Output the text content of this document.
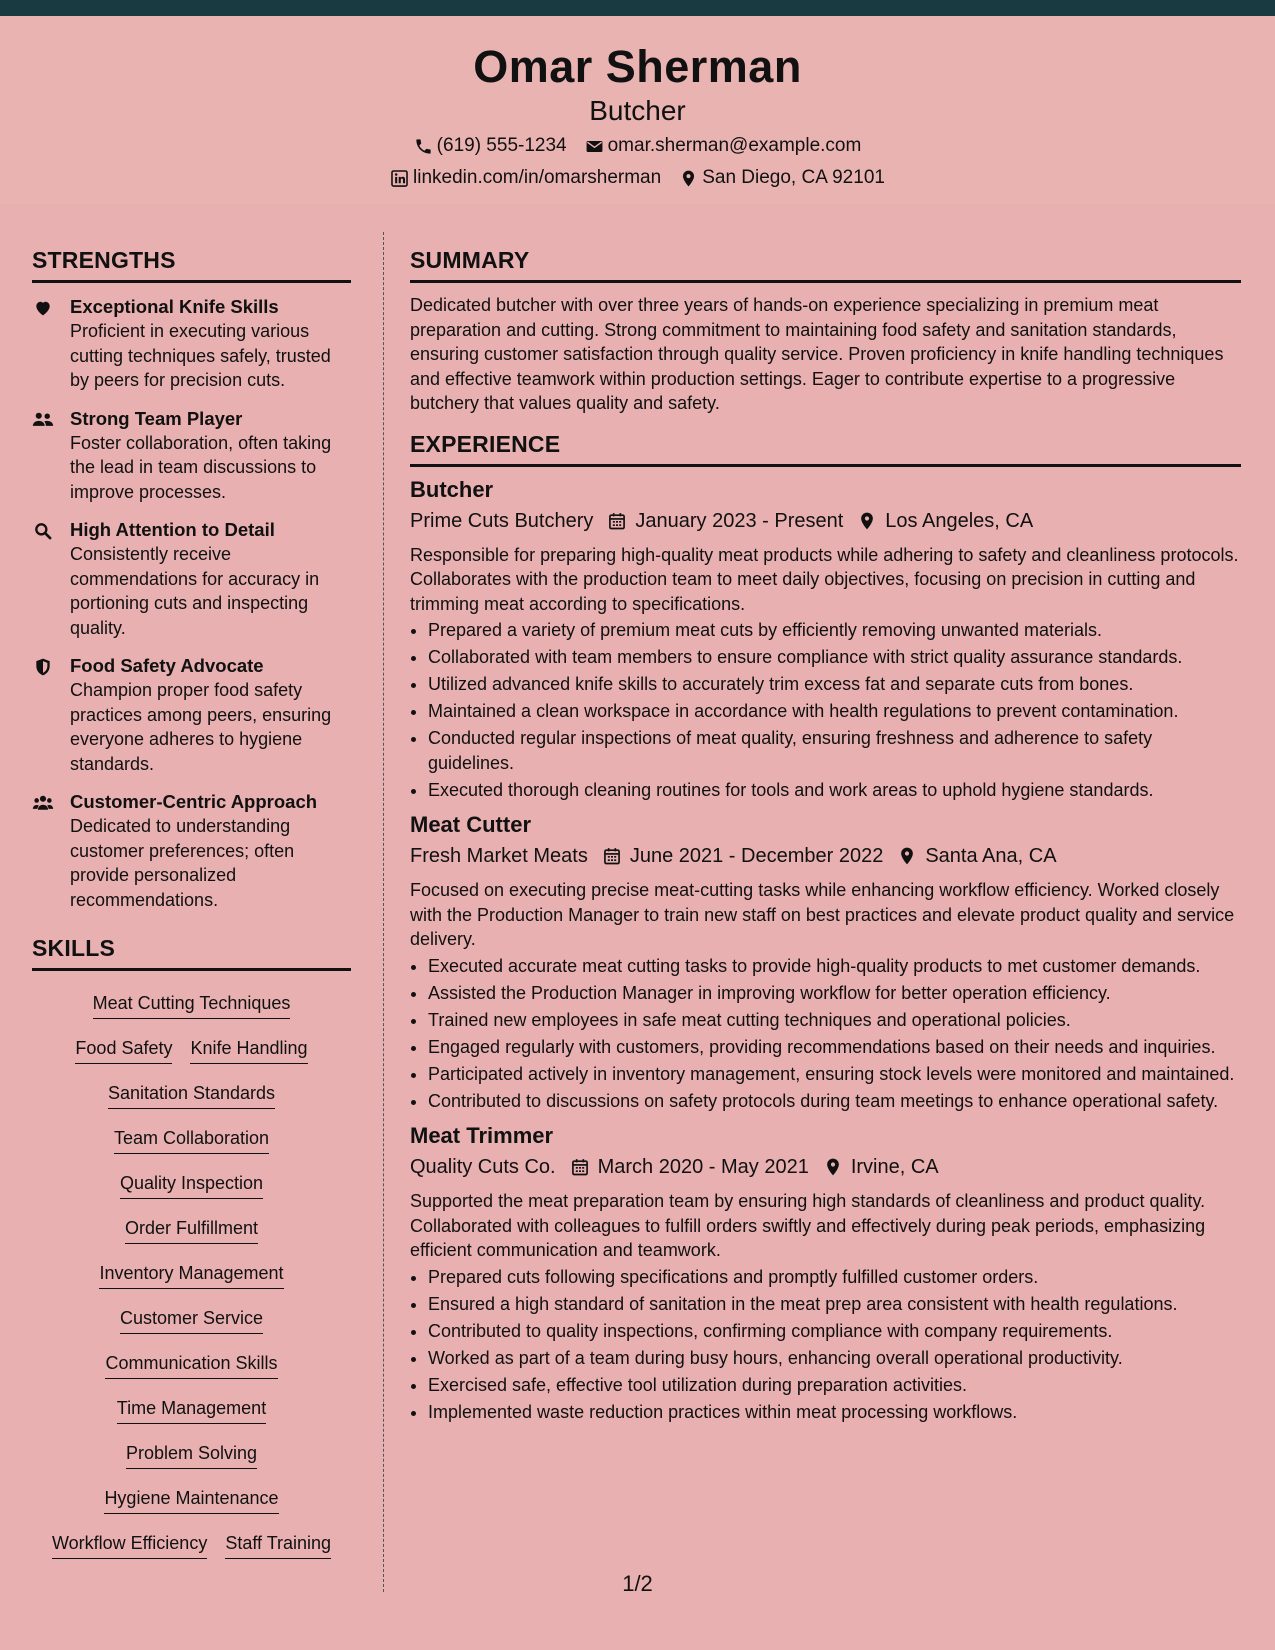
Omar Sherman
Butcher
(619) 555-1234 omar.sherman@example.com
linkedin.com/in/omarsherman San Diego, CA 92101
STRENGTHS
Exceptional Knife Skills
Proficient in executing various cutting techniques safely, trusted by peers for precision cuts.
Strong Team Player
Foster collaboration, often taking the lead in team discussions to improve processes.
High Attention to Detail
Consistently receive commendations for accuracy in portioning cuts and inspecting quality.
Food Safety Advocate
Champion proper food safety practices among peers, ensuring everyone adheres to hygiene standards.
Customer-Centric Approach
Dedicated to understanding customer preferences; often provide personalized recommendations.
SKILLS
Meat Cutting Techniques
Food Safety Knife Handling
Sanitation Standards
Team Collaboration
Quality Inspection
Order Fulfillment
Inventory Management
Customer Service
Communication Skills
Time Management
Problem Solving
Hygiene Maintenance
Workflow Efficiency Staff Training
SUMMARY
Dedicated butcher with over three years of hands-on experience specializing in premium meat preparation and cutting. Strong commitment to maintaining food safety and sanitation standards, ensuring customer satisfaction through quality service. Proven proficiency in knife handling techniques and effective teamwork within production settings. Eager to contribute expertise to a progressive butchery that values quality and safety.
EXPERIENCE
Butcher
Prime Cuts Butchery January 2023 - Present Los Angeles, CA
Responsible for preparing high-quality meat products while adhering to safety and cleanliness protocols. Collaborates with the production team to meet daily objectives, focusing on precision in cutting and trimming meat according to specifications.
• Prepared a variety of premium meat cuts by efficiently removing unwanted materials.
• Collaborated with team members to ensure compliance with strict quality assurance standards.
• Utilized advanced knife skills to accurately trim excess fat and separate cuts from bones.
• Maintained a clean workspace in accordance with health regulations to prevent contamination.
• Conducted regular inspections of meat quality, ensuring freshness and adherence to safety guidelines.
• Executed thorough cleaning routines for tools and work areas to uphold hygiene standards.
Meat Cutter
Fresh Market Meats June 2021 - December 2022 Santa Ana, CA
Focused on executing precise meat-cutting tasks while enhancing workflow efficiency. Worked closely with the Production Manager to train new staff on best practices and elevate product quality and service delivery.
• Executed accurate meat cutting tasks to provide high-quality products to met customer demands.
• Assisted the Production Manager in improving workflow for better operation efficiency.
• Trained new employees in safe meat cutting techniques and operational policies.
• Engaged regularly with customers, providing recommendations based on their needs and inquiries.
• Participated actively in inventory management, ensuring stock levels were monitored and maintained.
• Contributed to discussions on safety protocols during team meetings to enhance operational safety.
Meat Trimmer
Quality Cuts Co. March 2020 - May 2021 Irvine, CA
Supported the meat preparation team by ensuring high standards of cleanliness and product quality. Collaborated with colleagues to fulfill orders swiftly and effectively during peak periods, emphasizing efficient communication and teamwork.
• Prepared cuts following specifications and promptly fulfilled customer orders.
• Ensured a high standard of sanitation in the meat prep area consistent with health regulations.
• Contributed to quality inspections, confirming compliance with company requirements.
• Worked as part of a team during busy hours, enhancing overall operational productivity.
• Exercised safe, effective tool utilization during preparation activities.
• Implemented waste reduction practices within meat processing workflows.
1/2
